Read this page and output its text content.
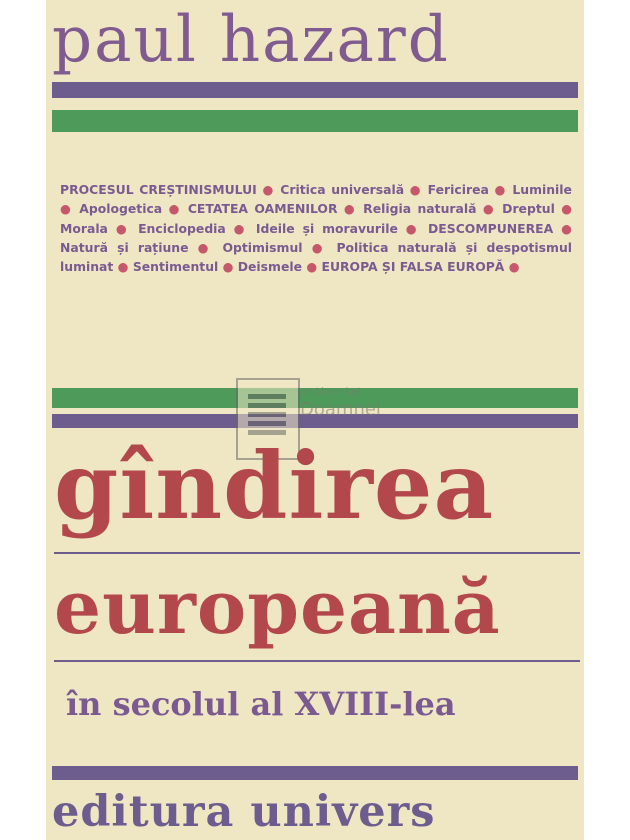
paul hazard
PROCESUL CREȘTINISMULUI ● Critica universală ● Fericirea ● Luminile ● Apologetica ● CETATEA OAMENILOR ● Religia naturală ● Dreptul ● Morala ● Enciclopedia ● Ideile și moravurile ● DESCOMPUNEREA ● Natură și rațiune ● Optimismul ● Politica naturală și despotismul luminat ● Sentimentul ● Deismele ● EUROPA ȘI FALSA EUROPĂ ●
anticariat
Doamnei
gîndirea
europeană
în secolul al XVIII-lea
editura univers
